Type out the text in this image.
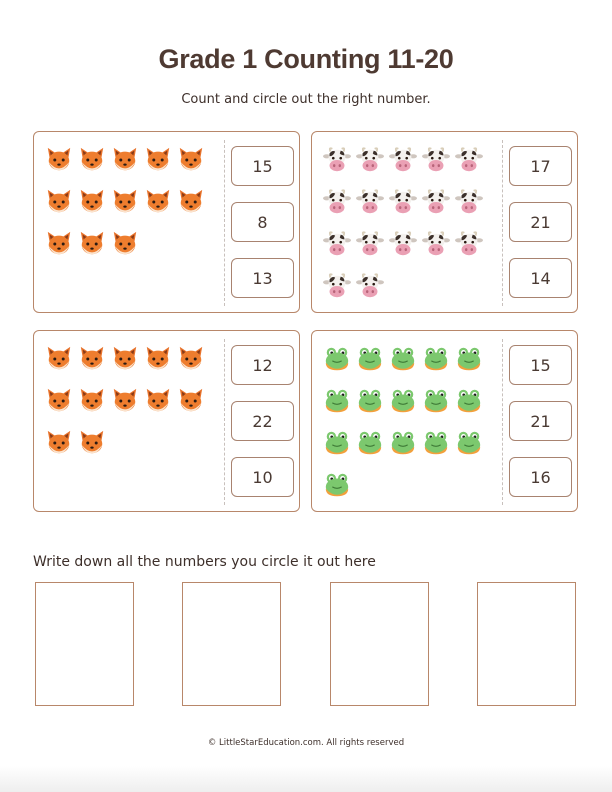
Grade 1 Counting 11-20
Count and circle out the right number.
15
8
13
17
21
14
12
22
10
15
21
16
Write down all the numbers you circle it out here
© LittleStarEducation.com. All rights reserved
